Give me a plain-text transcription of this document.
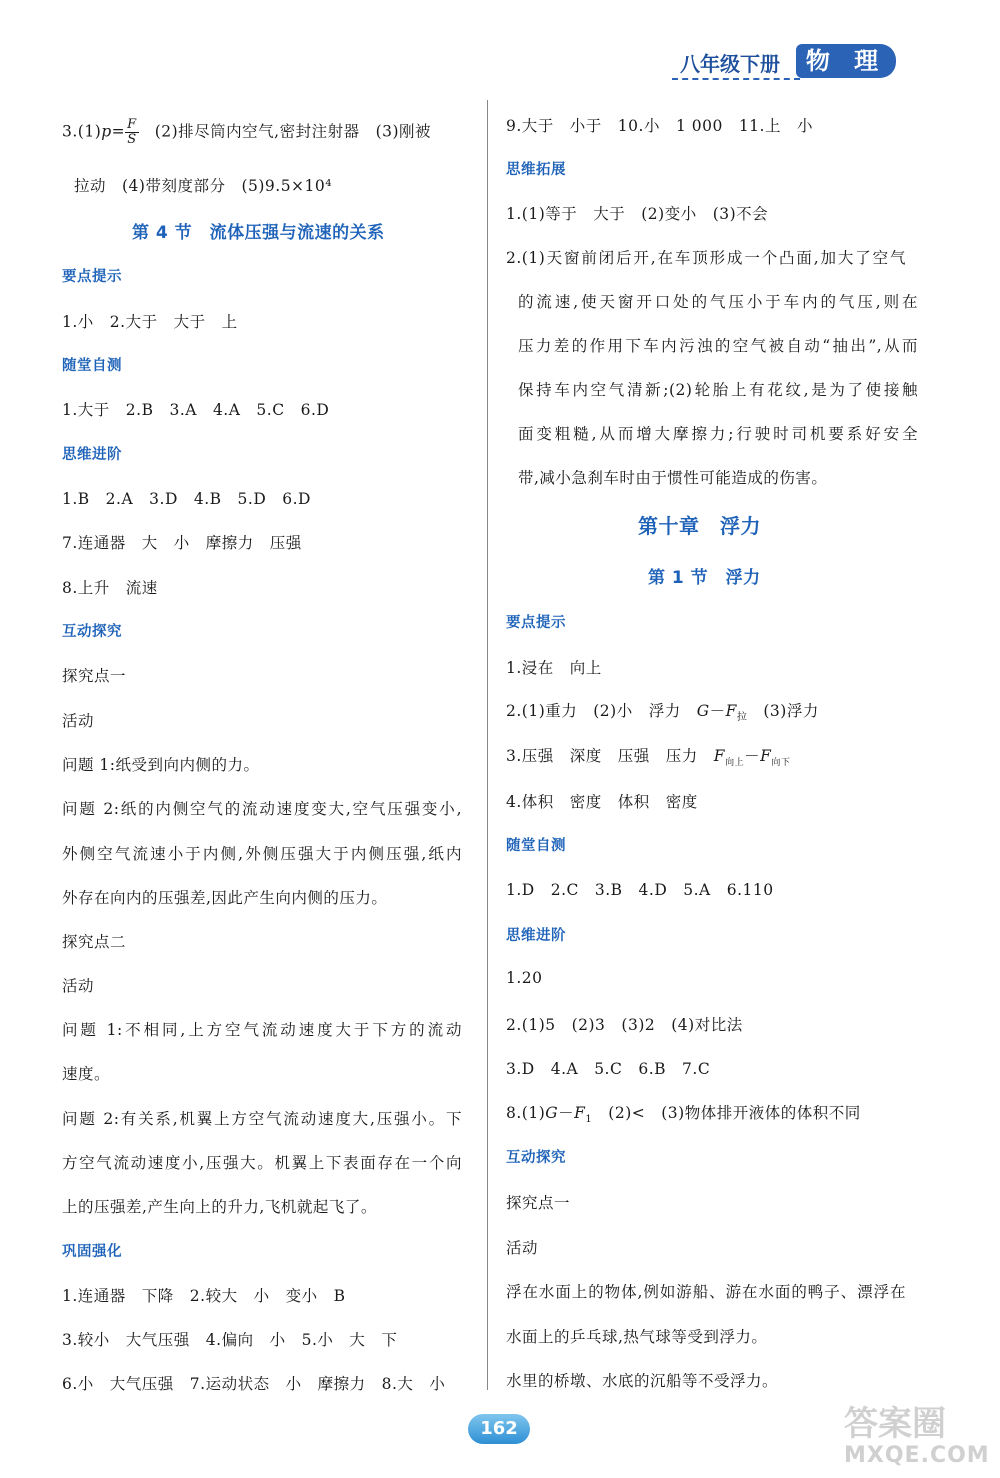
八年级下册	物 理
$3.(1)p= \frac{F}{S}$ 　(2)排尽筒内空气,密封注射器　(3)刚被
拉动　(4)带刻度部分　(5)9.5×10⁴
第 4 节　流体压强与流速的关系
要点提示
1.小　2.大于　大于　上
随堂自测
1.大于　2.B　3.A　4.A　5.C　6.D
思维进阶
1.B　2.A　3.D　4.B　5.D　6.D
7.连通器　大　小　摩擦力　压强
8.上升　流速
互动探究
探究点一
活动
问题 1:纸受到向内侧的力。
问题 2:纸的内侧空气的流动速度变大,空气压强变小,
外侧空气流速小于内侧,外侧压强大于内侧压强,纸内
外存在向内的压强差,因此产生向内侧的压力。
探究点二
活动
问题 1:不相同,上方空气流动速度大于下方的流动
速度。
问题 2:有关系,机翼上方空气流动速度大,压强小。下
方空气流动速度小,压强大。机翼上下表面存在一个向
上的压强差,产生向上的升力,飞机就起飞了。
巩固强化
1.连通器　下降　2.较大　小　变小　B
3.较小　大气压强　4.偏向　小　5.小　大　下
6.小　大气压强　7.运动状态　小　摩擦力　8.大　小
9.大于　小于　10.小　1 000　11.上　小
思维拓展
1.(1)等于　大于　(2)变小　(3)不会
2.(1)天窗前闭后开,在车顶形成一个凸面,加大了空气
的流速,使天窗开口处的气压小于车内的气压,则在
压力差的作用下车内污浊的空气被自动“抽出”,从而
保持车内空气清新;(2)轮胎上有花纹,是为了使接触
面变粗糙,从而增大摩擦力;行驶时司机要系好安全
带,减小急刹车时由于惯性可能造成的伤害。
第十章　浮力
第 1 节　浮力
要点提示
1.浸在　向上
2.(1)重力　(2)小　浮力　$G-F_拉$　(3)浮力
3.压强　深度　压强　压力　$F_{向上}-F_{向下}$
4.体积　密度　体积　密度
随堂自测
1.D　2.C　3.B　4.D　5.A　6.110
思维进阶
1.20
2.(1)5　(2)3　(3)2　(4)对比法
3.D　4.A　5.C　6.B　7.C
$8.(1)G-F_1$　(2)<　(3)物体排开液体的体积不同
互动探究
探究点一
活动
浮在水面上的物体,例如游船、游在水面的鸭子、漂浮在
水面上的乒乓球,热气球等受到浮力。
水里的桥墩、水底的沉船等不受浮力。
162	答案圈
MXQE.COM
